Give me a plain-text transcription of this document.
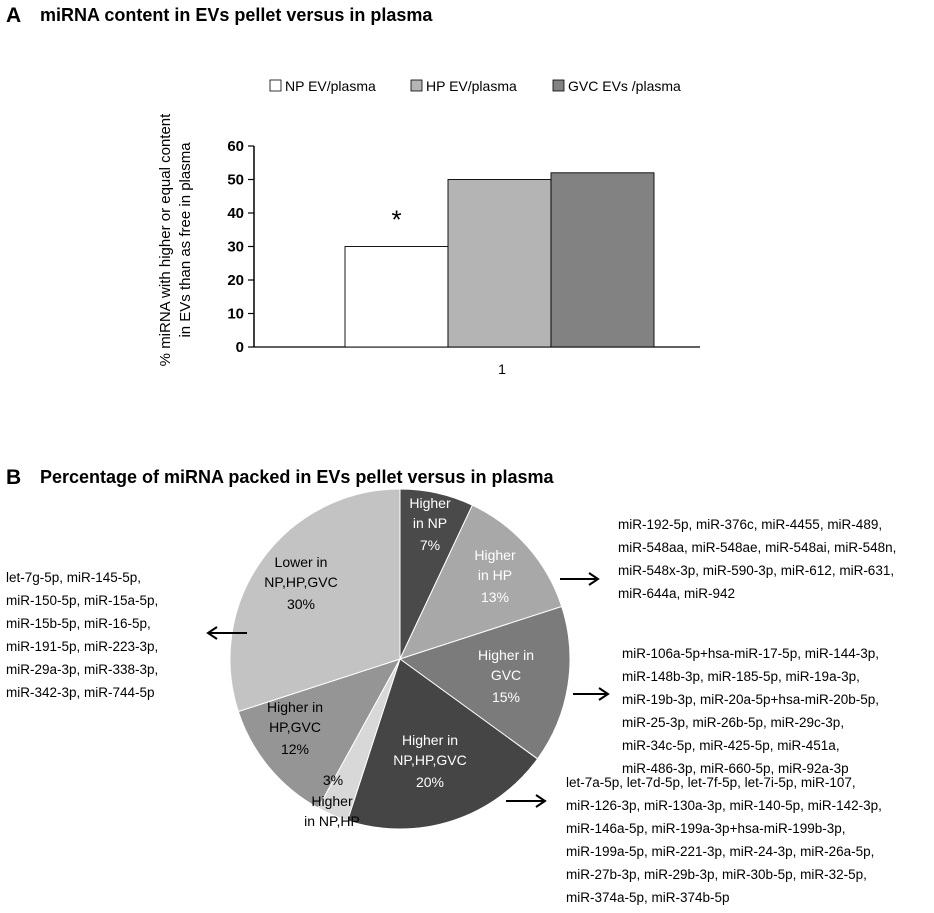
A miRNA content in EVs pellet versus in plasma
NP EV/plasma	HP EV/plasma	GVC EVs /plasma
0
10
20
30
40
50
60
*
1
% miRNA with higher or equal content in EVs than as free in plasma
B Percentage of miRNA packed in EVs pellet versus in plasma
Higher
in NP
7%
Higher
in HP
13%
Higher in
GVC
15%
Higher in
NP,HP,GVC
20%
3%
Higher
in NP,HP
Higher in
HP,GVC
12%
Lower in
NP,HP,GVC
30%
miR-192-5p, miR-376c, miR-4455, miR-489,
miR-548aa, miR-548ae, miR-548ai, miR-548n,
miR-548x-3p, miR-590-3p, miR-612, miR-631,
miR-644a, miR-942
miR-106a-5p+hsa-miR-17-5p, miR-144-3p,
miR-148b-3p, miR-185-5p, miR-19a-3p,
miR-19b-3p, miR-20a-5p+hsa-miR-20b-5p,
miR-25-3p, miR-26b-5p, miR-29c-3p,
miR-34c-5p, miR-425-5p, miR-451a,
miR-486-3p, miR-660-5p, miR-92a-3p
let-7a-5p, let-7d-5p, let-7f-5p, let-7i-5p, miR-107,
miR-126-3p, miR-130a-3p, miR-140-5p, miR-142-3p,
miR-146a-5p, miR-199a-3p+hsa-miR-199b-3p,
miR-199a-5p, miR-221-3p, miR-24-3p, miR-26a-5p,
miR-27b-3p, miR-29b-3p, miR-30b-5p, miR-32-5p,
miR-374a-5p, miR-374b-5p
let-7g-5p, miR-145-5p,
miR-150-5p, miR-15a-5p,
miR-15b-5p, miR-16-5p,
miR-191-5p, miR-223-3p,
miR-29a-3p, miR-338-3p,
miR-342-3p, miR-744-5p
